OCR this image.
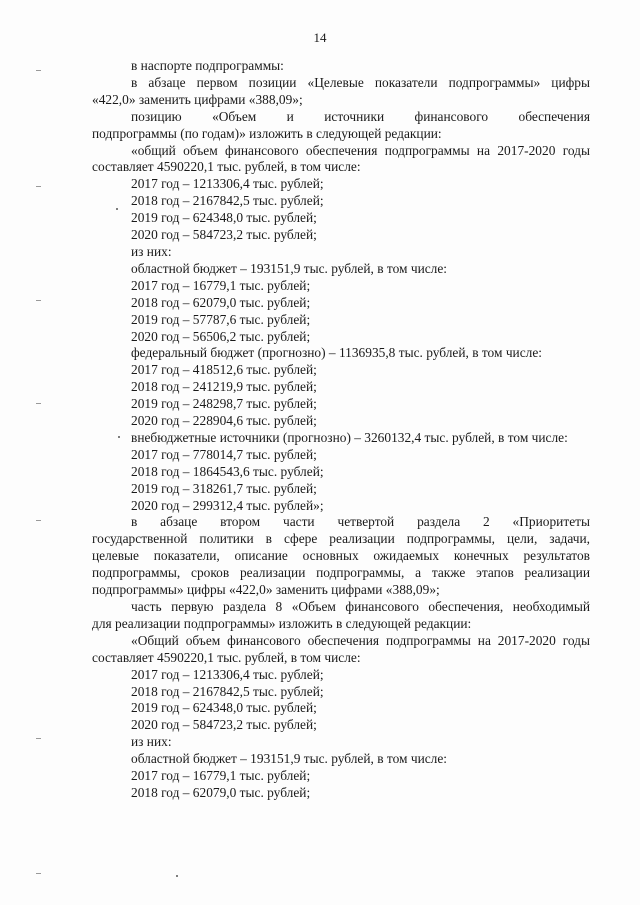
14
в наспорте подпрограммы:
в абзаце первом позиции «Целевые показатели подпрограммы» цифры
«422,0» заменить цифрами «388,09»;
позицию «Объем и источники финансового обеспечения
подпрограммы (по годам)» изложить в следующей редакции:
«общий объем финансового обеспечения подпрограммы на 2017-2020 годы
составляет 4590220,1 тыс. рублей, в том числе:
2017 год – 1213306,4 тыс. рублей;
2018 год – 2167842,5 тыс. рублей;
2019 год – 624348,0 тыс. рублей;
2020 год – 584723,2 тыс. рублей;
из них:
областной бюджет – 193151,9 тыс. рублей, в том числе:
2017 год – 16779,1 тыс. рублей;
2018 год – 62079,0 тыс. рублей;
2019 год – 57787,6 тыс. рублей;
2020 год – 56506,2 тыс. рублей;
федеральный бюджет (прогнозно) – 1136935,8 тыс. рублей, в том числе:
2017 год – 418512,6 тыс. рублей;
2018 год – 241219,9 тыс. рублей;
2019 год – 248298,7 тыс. рублей;
2020 год – 228904,6 тыс. рублей;
внебюджетные источники (прогнозно) – 3260132,4 тыс. рублей, в том числе:
2017 год – 778014,7 тыс. рублей;
2018 год – 1864543,6 тыс. рублей;
2019 год – 318261,7 тыс. рублей;
2020 год – 299312,4 тыс. рублей»;
в абзаце втором части четвертой раздела 2 «Приоритеты
государственной политики в сфере реализации подпрограммы, цели, задачи,
целевые показатели, описание основных ожидаемых конечных результатов
подпрограммы, сроков реализации подпрограммы, а также этапов реализации
подпрограммы» цифры «422,0» заменить цифрами «388,09»;
часть первую раздела 8 «Объем финансового обеспечения, необходимый
для реализации подпрограммы» изложить в следующей редакции:
«Общий объем финансового обеспечения подпрограммы на 2017-2020 годы
составляет 4590220,1 тыс. рублей, в том числе:
2017 год – 1213306,4 тыс. рублей;
2018 год – 2167842,5 тыс. рублей;
2019 год – 624348,0 тыс. рублей;
2020 год – 584723,2 тыс. рублей;
из них:
областной бюджет – 193151,9 тыс. рублей, в том числе:
2017 год – 16779,1 тыс. рублей;
2018 год – 62079,0 тыс. рублей;
